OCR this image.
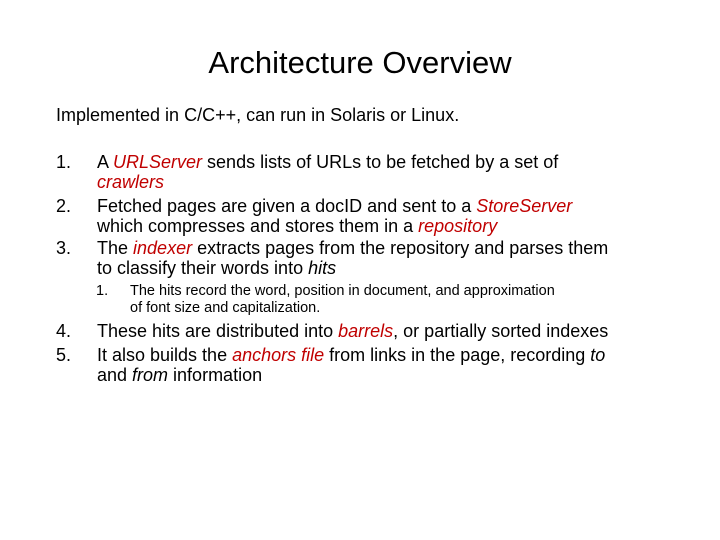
Architecture Overview
Implemented in C/C++, can run in Solaris or Linux.
1.	A URLServer sends lists of URLs to be fetched by a set of
crawlers
2.	Fetched pages are given a docID and sent to a StoreServer
which compresses and stores them in a repository
3.	The indexer extracts pages from the repository and parses them
to classify their words into hits
1.	The hits record the word, position in document, and approximation
of font size and capitalization.
4.	These hits are distributed into barrels, or partially sorted indexes
5.	It also builds the anchors file from links in the page, recording to
and from information
